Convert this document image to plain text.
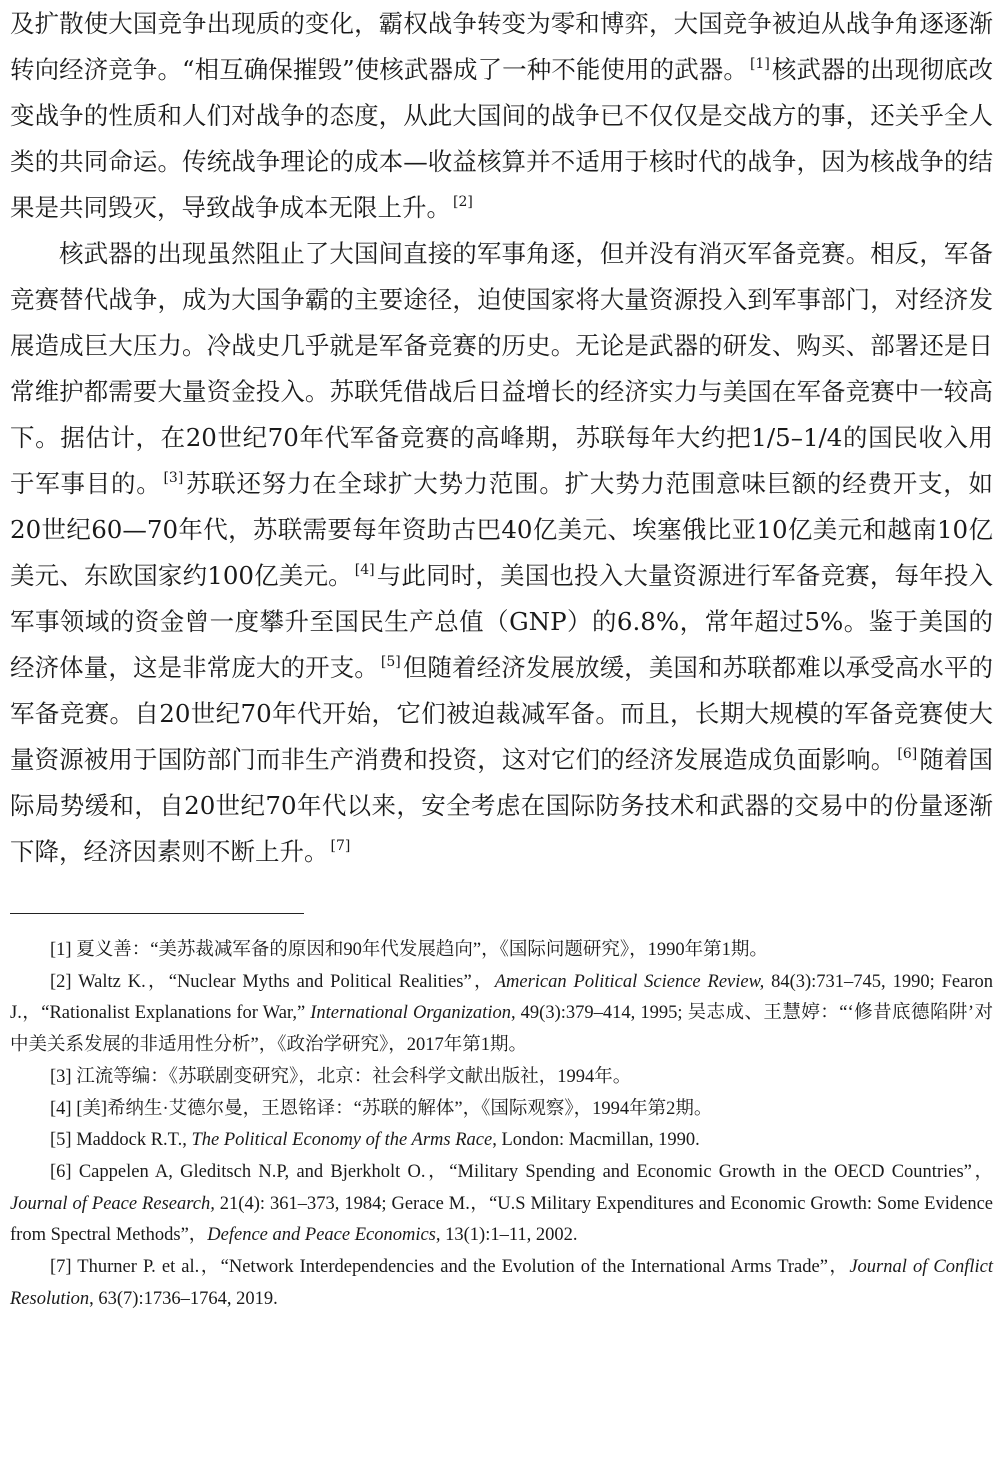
及扩散使大国竞争出现质的变化，霸权战争转变为零和博弈，大国竞争被迫从战争角逐逐渐转向经济竞争。“相互确保摧毁”使核武器成了一种不能使用的武器。 [1]核武器的出现彻底改变战争的性质和人们对战争的态度，从此大国间的战争已不仅仅是交战方的事，还关乎全人类的共同命运。传统战争理论的成本—收益核算并不适用于核时代的战争，因为核战争的结果是共同毁灭，导致战争成本无限上升。 [2]

核武器的出现虽然阻止了大国间直接的军事角逐，但并没有消灭军备竞赛。相反，军备竞赛替代战争，成为大国争霸的主要途径，迫使国家将大量资源投入到军事部门，对经济发展造成巨大压力。冷战史几乎就是军备竞赛的历史。无论是武器的研发、购买、部署还是日常维护都需要大量资金投入。苏联凭借战后日益增长的经济实力与美国在军备竞赛中一较高下。据估计，在20世纪70年代军备竞赛的高峰期，苏联每年大约把1/5–1/4的国民收入用于军事目的。 [3]苏联还努力在全球扩大势力范围。扩大势力范围意味巨额的经费开支，如20世纪60—70年代，苏联需要每年资助古巴40亿美元、埃塞俄比亚10亿美元和越南10亿美元、东欧国家约100亿美元。 [4]与此同时，美国也投入大量资源进行军备竞赛，每年投入军事领域的资金曾一度攀升至国民生产总值（GNP）的6.8%，常年超过5%。鉴于美国的经济体量，这是非常庞大的开支。 [5]但随着经济发展放缓，美国和苏联都难以承受高水平的军备竞赛。自20世纪70年代开始，它们被迫裁减军备。而且，长期大规模的军备竞赛使大量资源被用于国防部门而非生产消费和投资，这对它们的经济发展造成负面影响。 [6]随着国际局势缓和，自20世纪70年代以来，安全考虑在国际防务技术和武器的交易中的份量逐渐下降，经济因素则不断上升。 [7]

[1] 夏义善：“美苏裁减军备的原因和90年代发展趋向”，《国际问题研究》，1990年第1期。

[2] Waltz K.，“Nuclear Myths and Political Realities”，American Political Science Review, 84(3):731–745, 1990; Fearon J.，“Rationalist Explanations for War,” International Organization, 49(3):379–414, 1995; 吴志成、王慧婷：“‘修昔底德陷阱’对中美关系发展的非适用性分析”，《政治学研究》，2017年第1期。

[3] 江流等编：《苏联剧变研究》，北京：社会科学文献出版社，1994年。

[4] [美]希纳生·艾德尔曼，王恩铭译：“苏联的解体”，《国际观察》，1994年第2期。

[5] Maddock R.T., The Political Economy of the Arms Race, London: Macmillan, 1990.

[6] Cappelen A, Gleditsch N.P, and Bjerkholt O.，“Military Spending and Economic Growth in the OECD Countries”，Journal of Peace Research, 21(4): 361–373, 1984; Gerace M.，“U.S Military Expenditures and Economic Growth: Some Evidence from Spectral Methods”，Defence and Peace Economics, 13(1):1–11, 2002.

[7] Thurner P. et al.，“Network Interdependencies and the Evolution of the International Arms Trade”，Journal of Conflict Resolution, 63(7):1736–1764, 2019.
